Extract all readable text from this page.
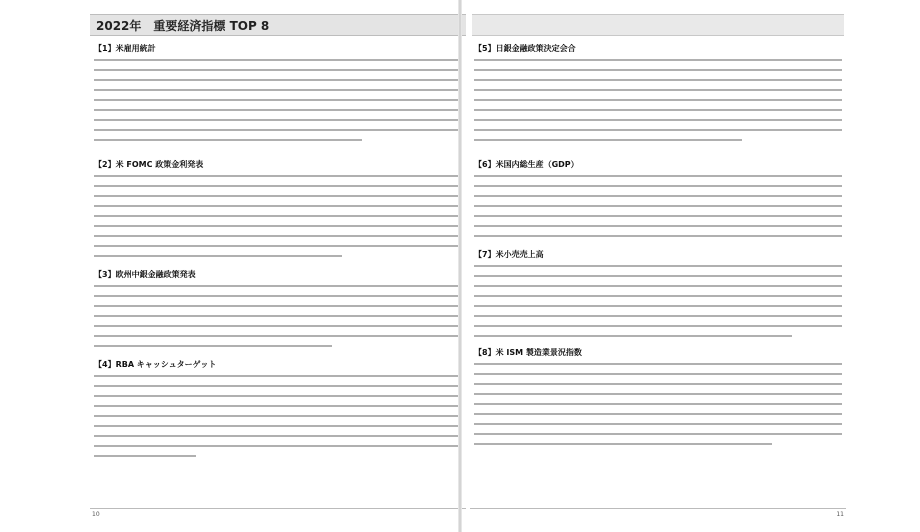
2022年　重要経済指標 TOP 8
【1】米雇用統計
【2】米 FOMC 政策金利発表
【3】欧州中銀金融政策発表
【4】RBA キャッシュターゲット
10
【5】日銀金融政策決定会合
【6】米国内総生産（GDP）
【7】米小売売上高
【8】米 ISM 製造業景況指数
11
